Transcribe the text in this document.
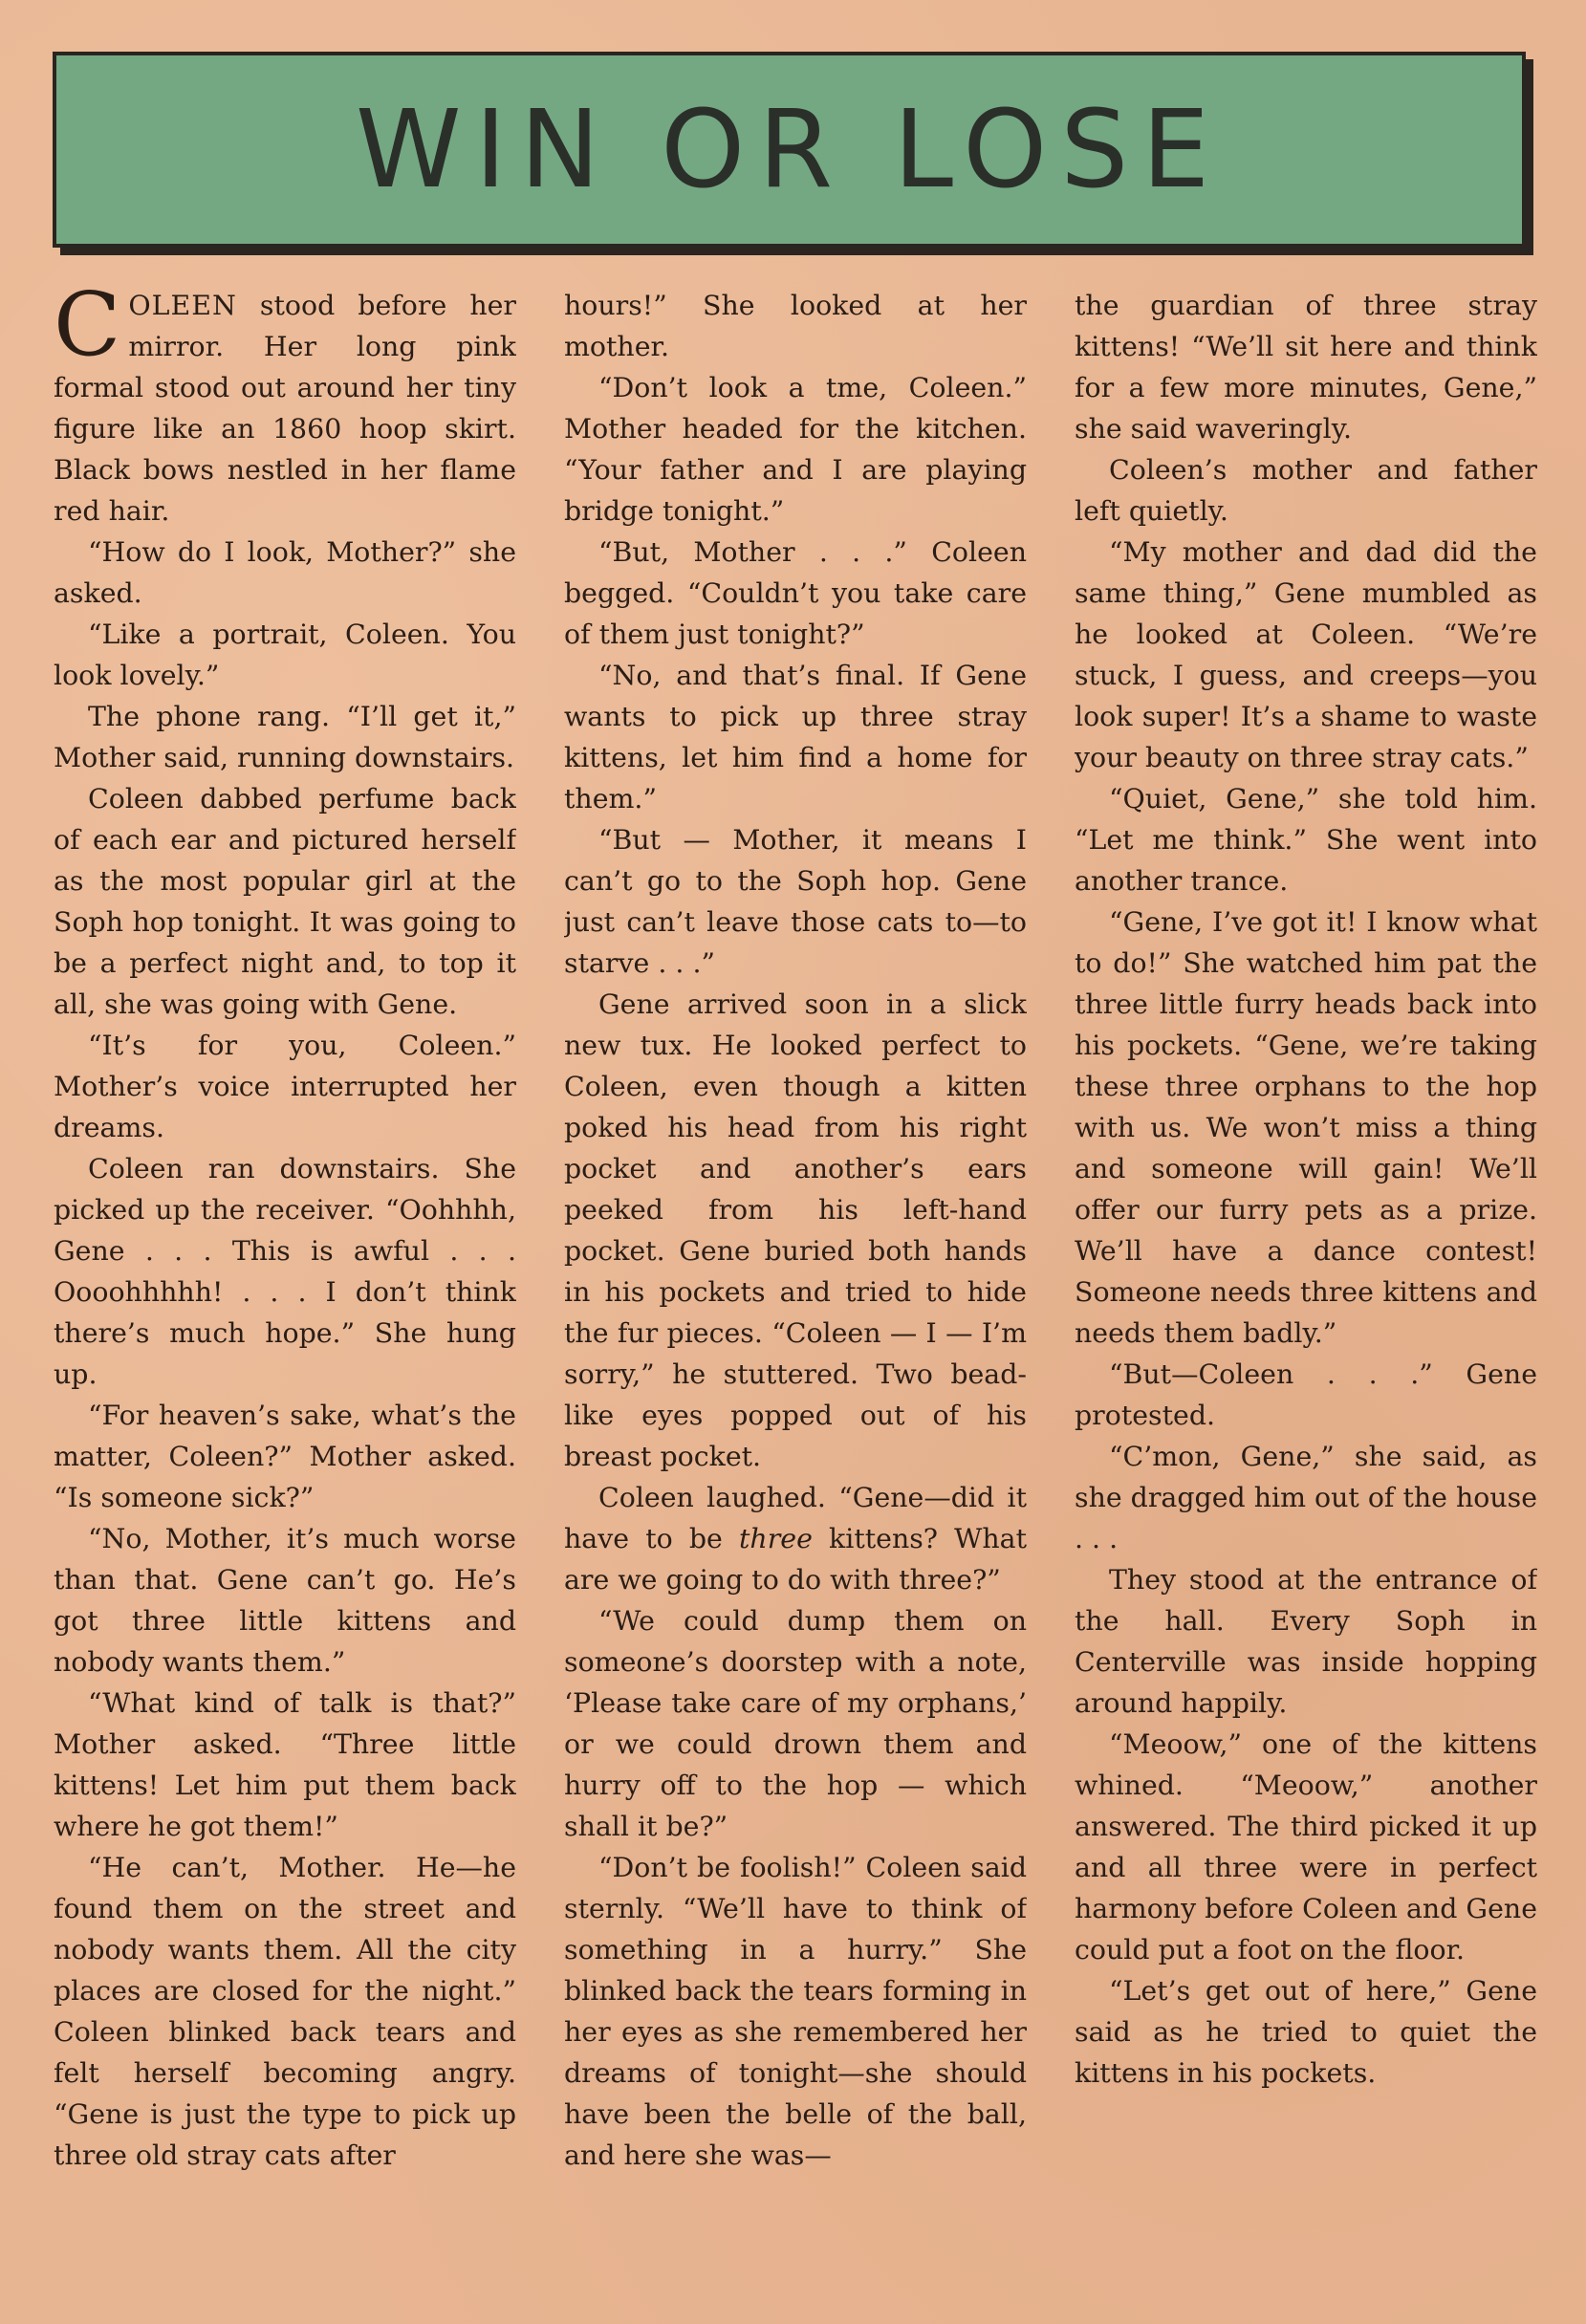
WIN OR LOSE

COLEEN stood before her mirror. Her long pink formal stood out around her tiny figure like an 1860 hoop skirt. Black bows nestled in her flame red hair.

“How do I look, Mother?” she asked.

“Like a portrait, Coleen. You look lovely.”

The phone rang. “I’ll get it,” Mother said, running downstairs.

Coleen dabbed perfume back of each ear and pictured herself as the most popular girl at the Soph hop tonight. It was going to be a perfect night and, to top it all, she was going with Gene.

“It’s for you, Coleen.” Mother’s voice interrupted her dreams.

Coleen ran downstairs. She picked up the receiver. “Oohhhh, Gene . . . This is awful . . . Oooohhhhh! . . . I don’t think there’s much hope.” She hung up.

“For heaven’s sake, what’s the matter, Coleen?” Mother asked. “Is someone sick?”

“No, Mother, it’s much worse than that. Gene can’t go. He’s got three little kittens and nobody wants them.”

“What kind of talk is that?” Mother asked. “Three little kittens! Let him put them back where he got them!”

“He can’t, Mother. He—he found them on the street and nobody wants them. All the city places are closed for the night.” Coleen blinked back tears and felt herself becoming angry. “Gene is just the type to pick up three old stray cats after

hours!” She looked at her mother.

“Don’t look a tme, Coleen.” Mother headed for the kitchen. “Your father and I are playing bridge tonight.”

“But, Mother . . .” Coleen begged. “Couldn’t you take care of them just tonight?”

“No, and that’s final. If Gene wants to pick up three stray kittens, let him find a home for them.”

“But — Mother, it means I can’t go to the Soph hop. Gene just can’t leave those cats to—to starve . . .”

Gene arrived soon in a slick new tux. He looked perfect to Coleen, even though a kitten poked his head from his right pocket and another’s ears peeked from his left-hand pocket. Gene buried both hands in his pockets and tried to hide the fur pieces. “Coleen — I — I’m sorry,” he stuttered. Two bead-like eyes popped out of his breast pocket.

Coleen laughed. “Gene—did it have to be three kittens? What are we going to do with three?”

“We could dump them on someone’s doorstep with a note, ‘Please take care of my orphans,’ or we could drown them and hurry off to the hop — which shall it be?”

“Don’t be foolish!” Coleen said sternly. “We’ll have to think of something in a hurry.” She blinked back the tears forming in her eyes as she remembered her dreams of tonight—she should have been the belle of the ball, and here she was—

the guardian of three stray kittens! “We’ll sit here and think for a few more minutes, Gene,” she said waveringly.

Coleen’s mother and father left quietly.

“My mother and dad did the same thing,” Gene mumbled as he looked at Coleen. “We’re stuck, I guess, and creeps—you look super! It’s a shame to waste your beauty on three stray cats.”

“Quiet, Gene,” she told him. “Let me think.” She went into another trance.

“Gene, I’ve got it! I know what to do!” She watched him pat the three little furry heads back into his pockets. “Gene, we’re taking these three orphans to the hop with us. We won’t miss a thing and someone will gain! We’ll offer our furry pets as a prize. We’ll have a dance contest! Someone needs three kittens and needs them badly.”

“But—Coleen . . .” Gene protested.

“C’mon, Gene,” she said, as she dragged him out of the house . . .

They stood at the entrance of the hall. Every Soph in Centerville was inside hopping around happily.

“Meoow,” one of the kittens whined. “Meoow,” another answered. The third picked it up and all three were in perfect harmony before Coleen and Gene could put a foot on the floor.

“Let’s get out of here,” Gene said as he tried to quiet the kittens in his pockets.
